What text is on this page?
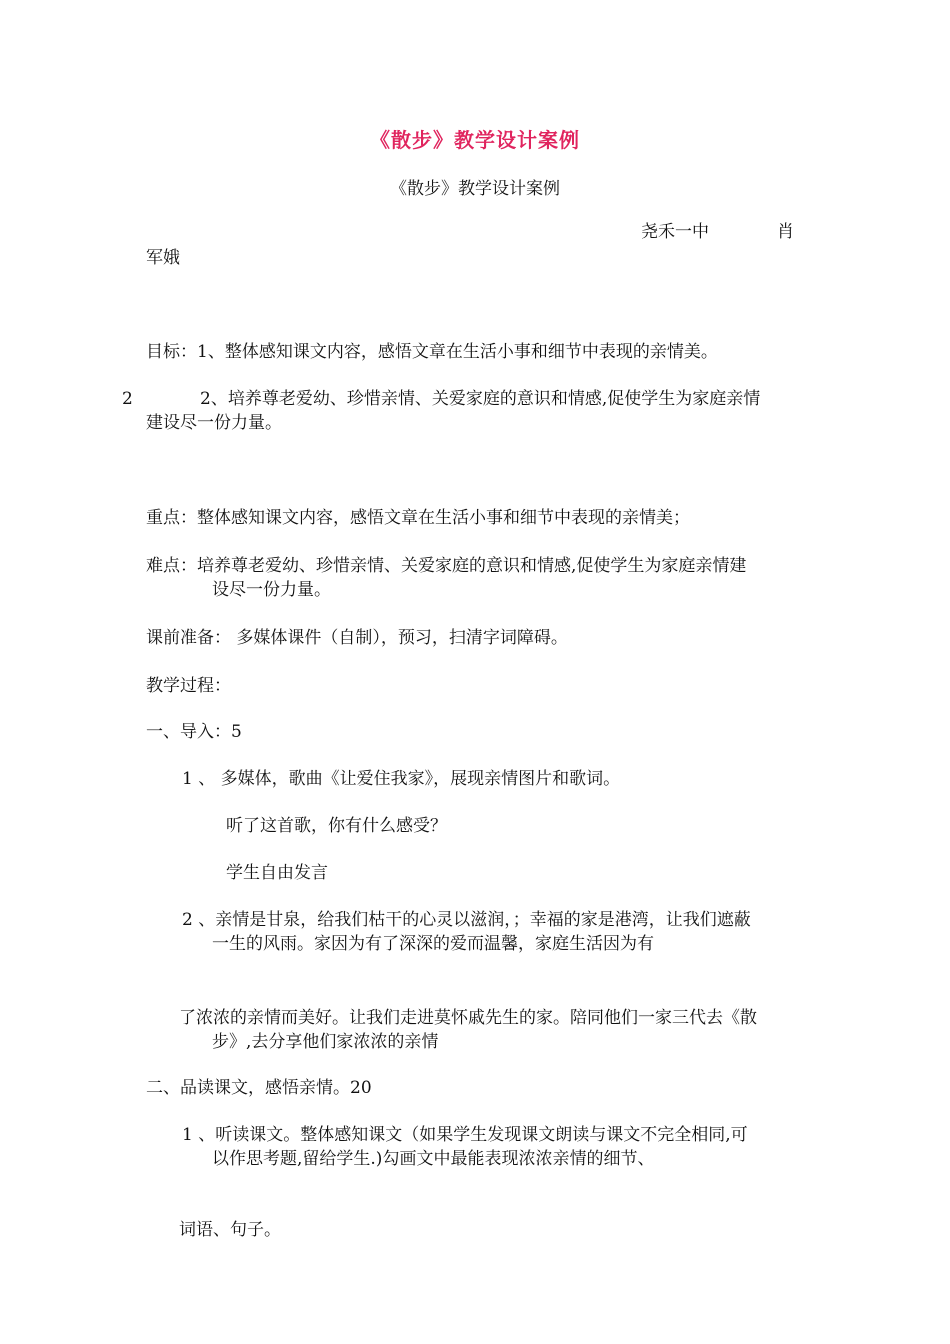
《散步》教学设计案例
《散步》教学设计案例
尧禾一中	肖
军娥
目标：1、整体感知课文内容，感悟文章在生活小事和细节中表现的亲情美。
2	2、培养尊老爱幼、珍惜亲情、关爱家庭的意识和情感,促使学生为家庭亲情
建设尽一份力量。
重点：整体感知课文内容，感悟文章在生活小事和细节中表现的亲情美；
难点：培养尊老爱幼、珍惜亲情、关爱家庭的意识和情感,促使学生为家庭亲情建
设尽一份力量。
课前准备： 多媒体课件（自制），预习，扫清字词障碍。
教学过程：
一、导入：5
1 、 多媒体，歌曲《让爱住我家》，展现亲情图片和歌词。
听了这首歌，你有什么感受？
学生自由发言
2 、亲情是甘泉，给我们枯干的心灵以滋润，；幸福的家是港湾，让我们遮蔽
一生的风雨。家因为有了深深的爱而温馨，家庭生活因为有
了浓浓的亲情而美好。让我们走进莫怀戚先生的家。陪同他们一家三代去《散
步》,去分享他们家浓浓的亲情
二、品读课文，感悟亲情。20
1 、听读课文。整体感知课文（如果学生发现课文朗读与课文不完全相同,可
以作思考题,留给学生.)勾画文中最能表现浓浓亲情的细节、
词语、句子。
